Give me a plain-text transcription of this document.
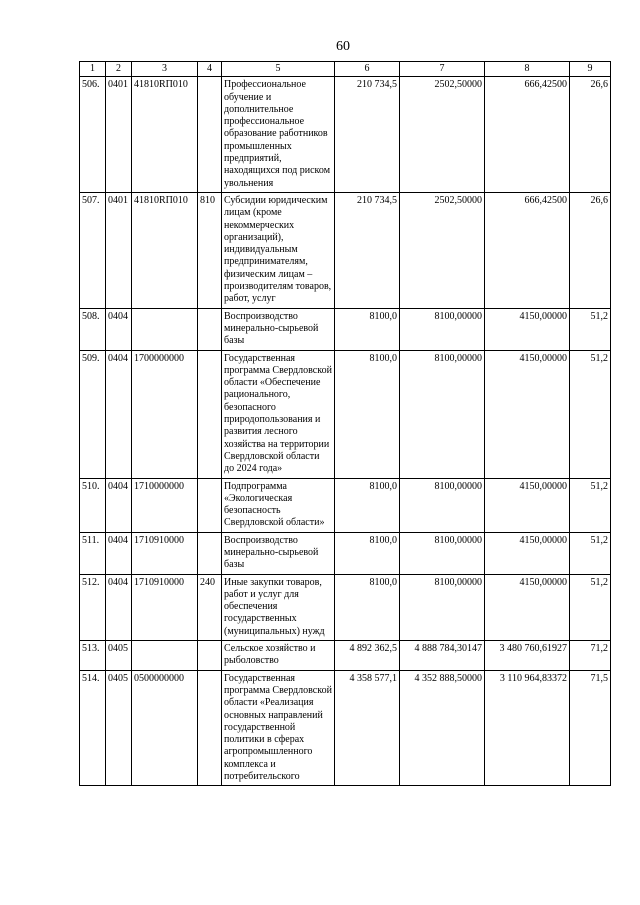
60
1	2	3	4	5	6	7	8	9
506.	0401	41810RП010		Профессиональное обучение и дополнительное профессиональное образование работников промышленных предприятий, находящихся под риском увольнения	210 734,5	2502,50000	666,42500	26,6
507.	0401	41810RП010	810	Субсидии юридическим лицам (кроме некоммерческих организаций), индивидуальным предпринимателям, физическим лицам – производителям товаров, работ, услуг	210 734,5	2502,50000	666,42500	26,6
508.	0404			Воспроизводство минерально-сырьевой базы	8100,0	8100,00000	4150,00000	51,2
509.	0404	1700000000		Государственная программа Свердловской области «Обеспечение рационального, безопасного природопользования и развития лесного хозяйства на территории Свердловской области до 2024 года»	8100,0	8100,00000	4150,00000	51,2
510.	0404	1710000000		Подпрограмма «Экологическая безопасность Свердловской области»	8100,0	8100,00000	4150,00000	51,2
511.	0404	1710910000		Воспроизводство минерально-сырьевой базы	8100,0	8100,00000	4150,00000	51,2
512.	0404	1710910000	240	Иные закупки товаров, работ и услуг для обеспечения государственных (муниципальных) нужд	8100,0	8100,00000	4150,00000	51,2
513.	0405			Сельское хозяйство и рыболовство	4 892 362,5	4 888 784,30147	3 480 760,61927	71,2
514.	0405	0500000000		Государственная программа Свердловской области «Реализация основных направлений государственной политики в сферах агропромышленного комплекса и потребительского	4 358 577,1	4 352 888,50000	3 110 964,83372	71,5
